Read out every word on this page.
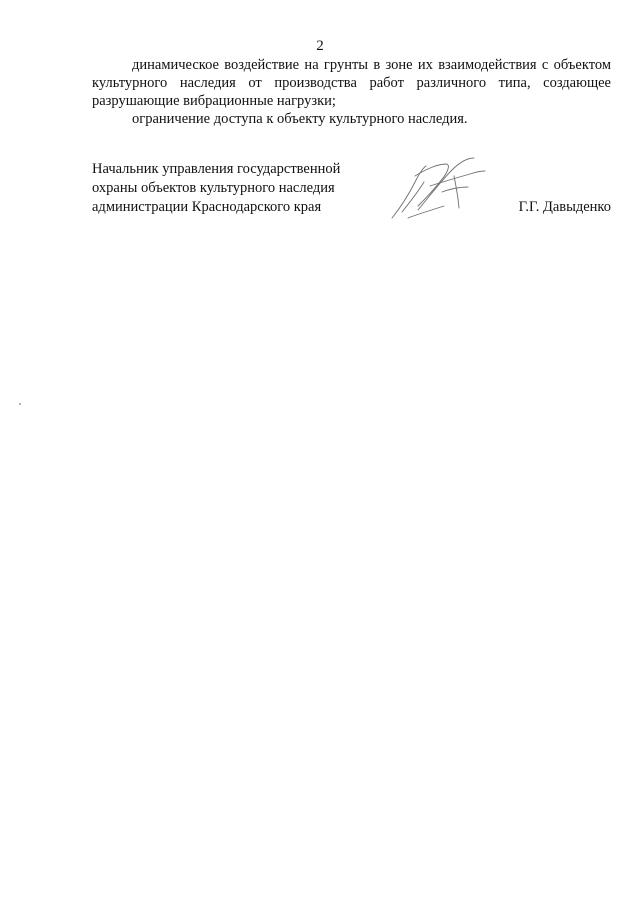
2

динамическое воздействие на грунты в зоне их взаимодействия с объектом культурного наследия от производства работ различного типа, создающее разрушающие вибрационные нагрузки;

ограничение доступа к объекту культурного наследия.

Начальник управления государственной
охраны объектов культурного наследия
администрации Краснодарского края	Г.Г. Давыденко
